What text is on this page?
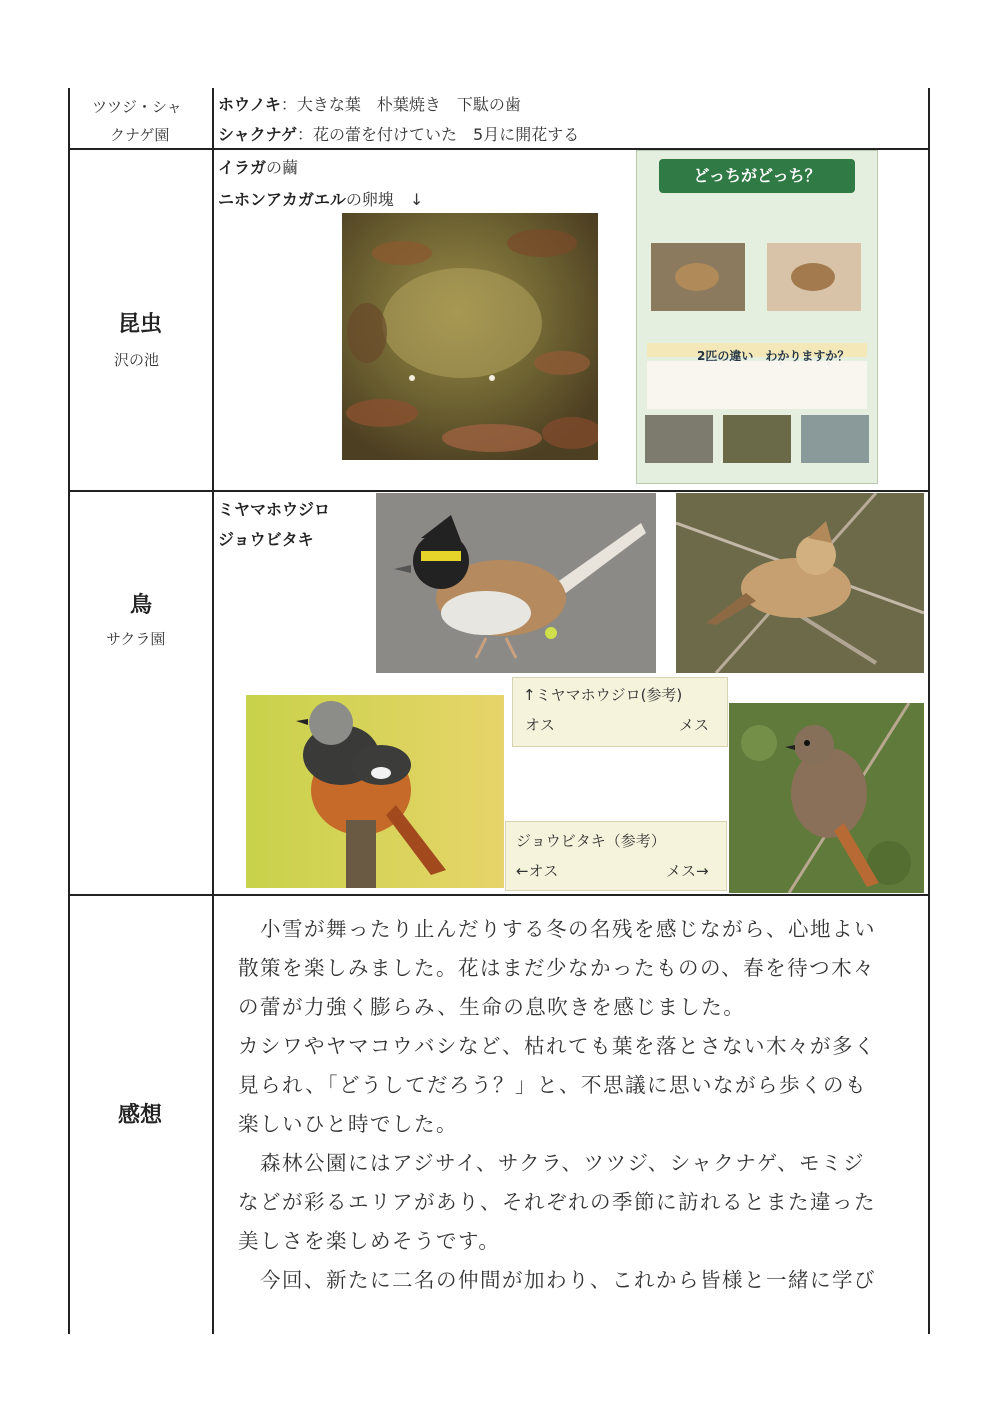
ツツジ・シャ
クナゲ園
ホウノキ：大きな葉　朴葉焼き　下駄の歯
シャクナゲ：花の蕾を付けていた　5月に開花する
昆虫
沢の池
イラガの繭
ニホンアカガエルの卵塊　↓
どっちがどっち？
2匹の違い　わかりますか？
鳥
サクラ園
ミヤマホウジロ
ジョウビタキ
↑ミヤマホウジロ(参考)
オス	メス
ジョウビタキ（参考）
←オス	メス→
感想

　小雪が舞ったり止んだりする冬の名残を感じながら、心地よい

散策を楽しみました。花はまだ少なかったものの、春を待つ木々

の蕾が力強く膨らみ、生命の息吹きを感じました。

カシワやヤマコウバシなど、枯れても葉を落とさない木々が多く

見られ、「どうしてだろう？」と、不思議に思いながら歩くのも

楽しいひと時でした。

　森林公園にはアジサイ、サクラ、ツツジ、シャクナゲ、モミジ

などが彩るエリアがあり、それぞれの季節に訪れるとまた違った

美しさを楽しめそうです。

　今回、新たに二名の仲間が加わり、これから皆様と一緒に学び
